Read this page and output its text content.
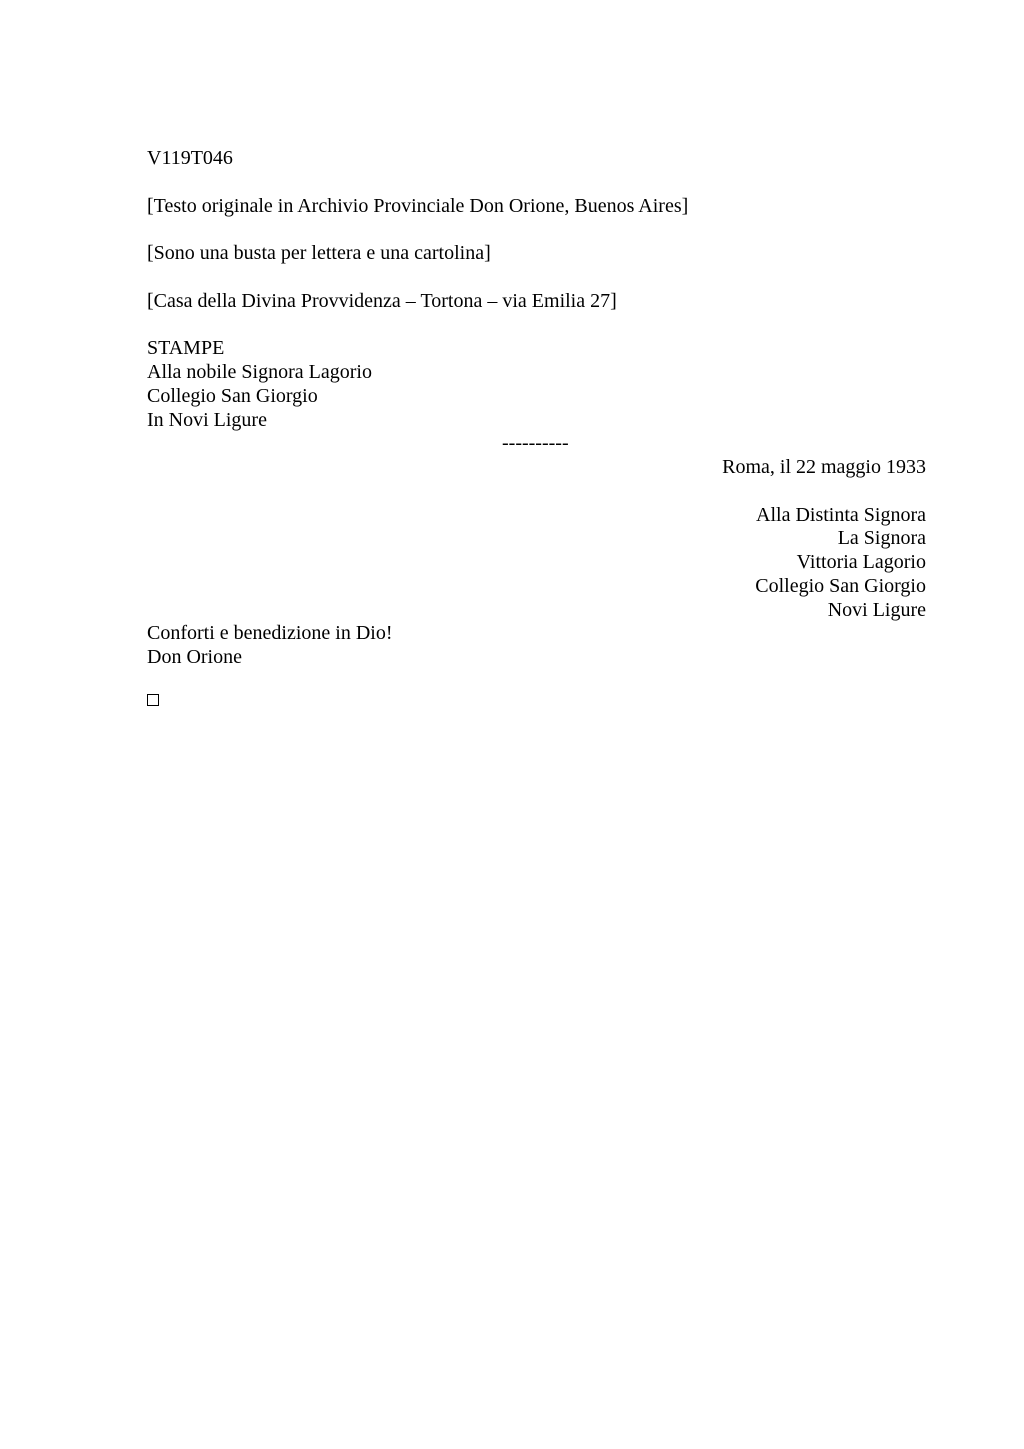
V119T046
[Testo originale in Archivio Provinciale Don Orione, Buenos Aires]
[Sono una busta per lettera e una cartolina]
[Casa della Divina Provvidenza – Tortona – via Emilia 27]
STAMPE
Alla nobile Signora Lagorio
Collegio San Giorgio
In Novi Ligure
----------
Roma, il 22 maggio 1933
Alla Distinta Signora
La Signora
Vittoria Lagorio
Collegio San Giorgio
Novi Ligure
Conforti e benedizione in Dio!
Don Orione
